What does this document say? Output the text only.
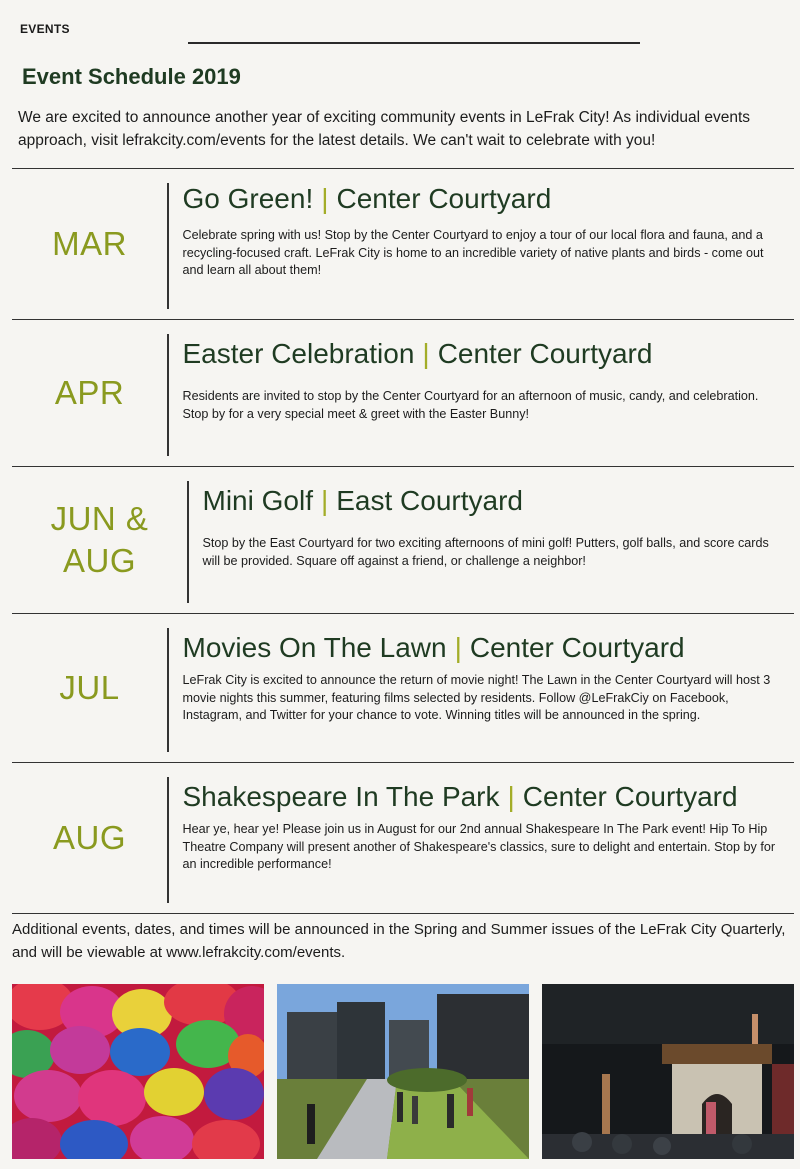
EVENTS
Event Schedule 2019

We are excited to announce another year of exciting community events in LeFrak City! As individual events approach, visit lefrakcity.com/events for the latest details. We can't wait to celebrate with you!

MAR
Go Green! | Center Courtyard

Celebrate spring with us! Stop by the Center Courtyard to enjoy a tour of our local flora and fauna, and a recycling-focused craft. LeFrak City is home to an incredible variety of native plants and birds - come out and learn all about them!

APR
Easter Celebration | Center Courtyard

Residents are invited to stop by the Center Courtyard for an afternoon of music, candy, and celebration. Stop by for a very special meet & greet with the Easter Bunny!

JUN & AUG
Mini Golf | East Courtyard

Stop by the East Courtyard for two exciting afternoons of mini golf! Putters, golf balls, and score cards will be provided. Square off against a friend, or challenge a neighbor!

JUL
Movies On The Lawn | Center Courtyard

LeFrak City is excited to announce the return of movie night! The Lawn in the Center Courtyard will host 3 movie nights this summer, featuring films selected by residents. Follow @LeFrakCiy on Facebook, Instagram, and Twitter for your chance to vote. Winning titles will be announced in the spring.

AUG
Shakespeare In The Park | Center Courtyard

Hear ye, hear ye! Please join us in August for our 2nd annual Shakespeare In The Park event! Hip To Hip Theatre Company will present another of Shakespeare's classics, sure to delight and entertain. Stop by for an incredible performance!

Additional events, dates, and times will be announced in the Spring and Summer issues of the LeFrak City Quarterly, and will be viewable at www.lefrakcity.com/events.
